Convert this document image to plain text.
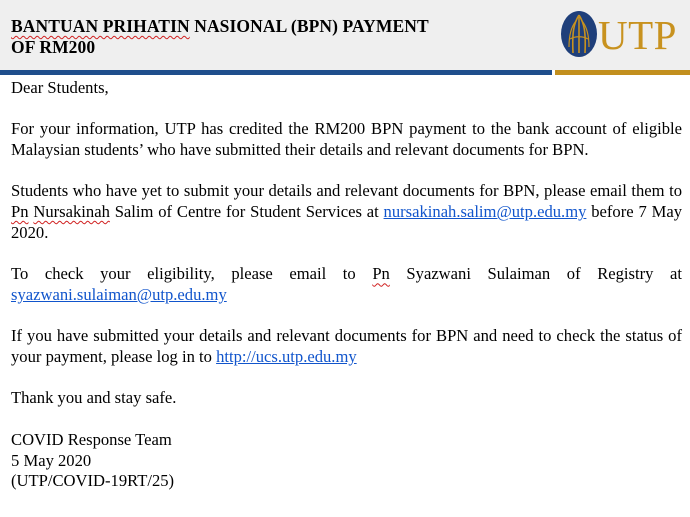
BANTUAN PRIHATIN NASIONAL (BPN) PAYMENT
OF RM200	UTP
Dear Students,
For your information, UTP has credited the RM200 BPN payment to the bank account of eligible Malaysian students’ who have submitted their details and relevant documents for BPN.
Students who have yet to submit your details and relevant documents for BPN, please email them to Pn Nursakinah Salim of Centre for Student Services at nursakinah.salim@utp.edu.my before 7 May 2020.
To check your eligibility, please email to Pn Syazwani Sulaiman of Registry at syazwani.sulaiman@utp.edu.my
If you have submitted your details and relevant documents for BPN and need to check the status of your payment, please log in to http://ucs.utp.edu.my
Thank you and stay safe.
COVID Response Team
5 May 2020
(UTP/COVID-19RT/25)
